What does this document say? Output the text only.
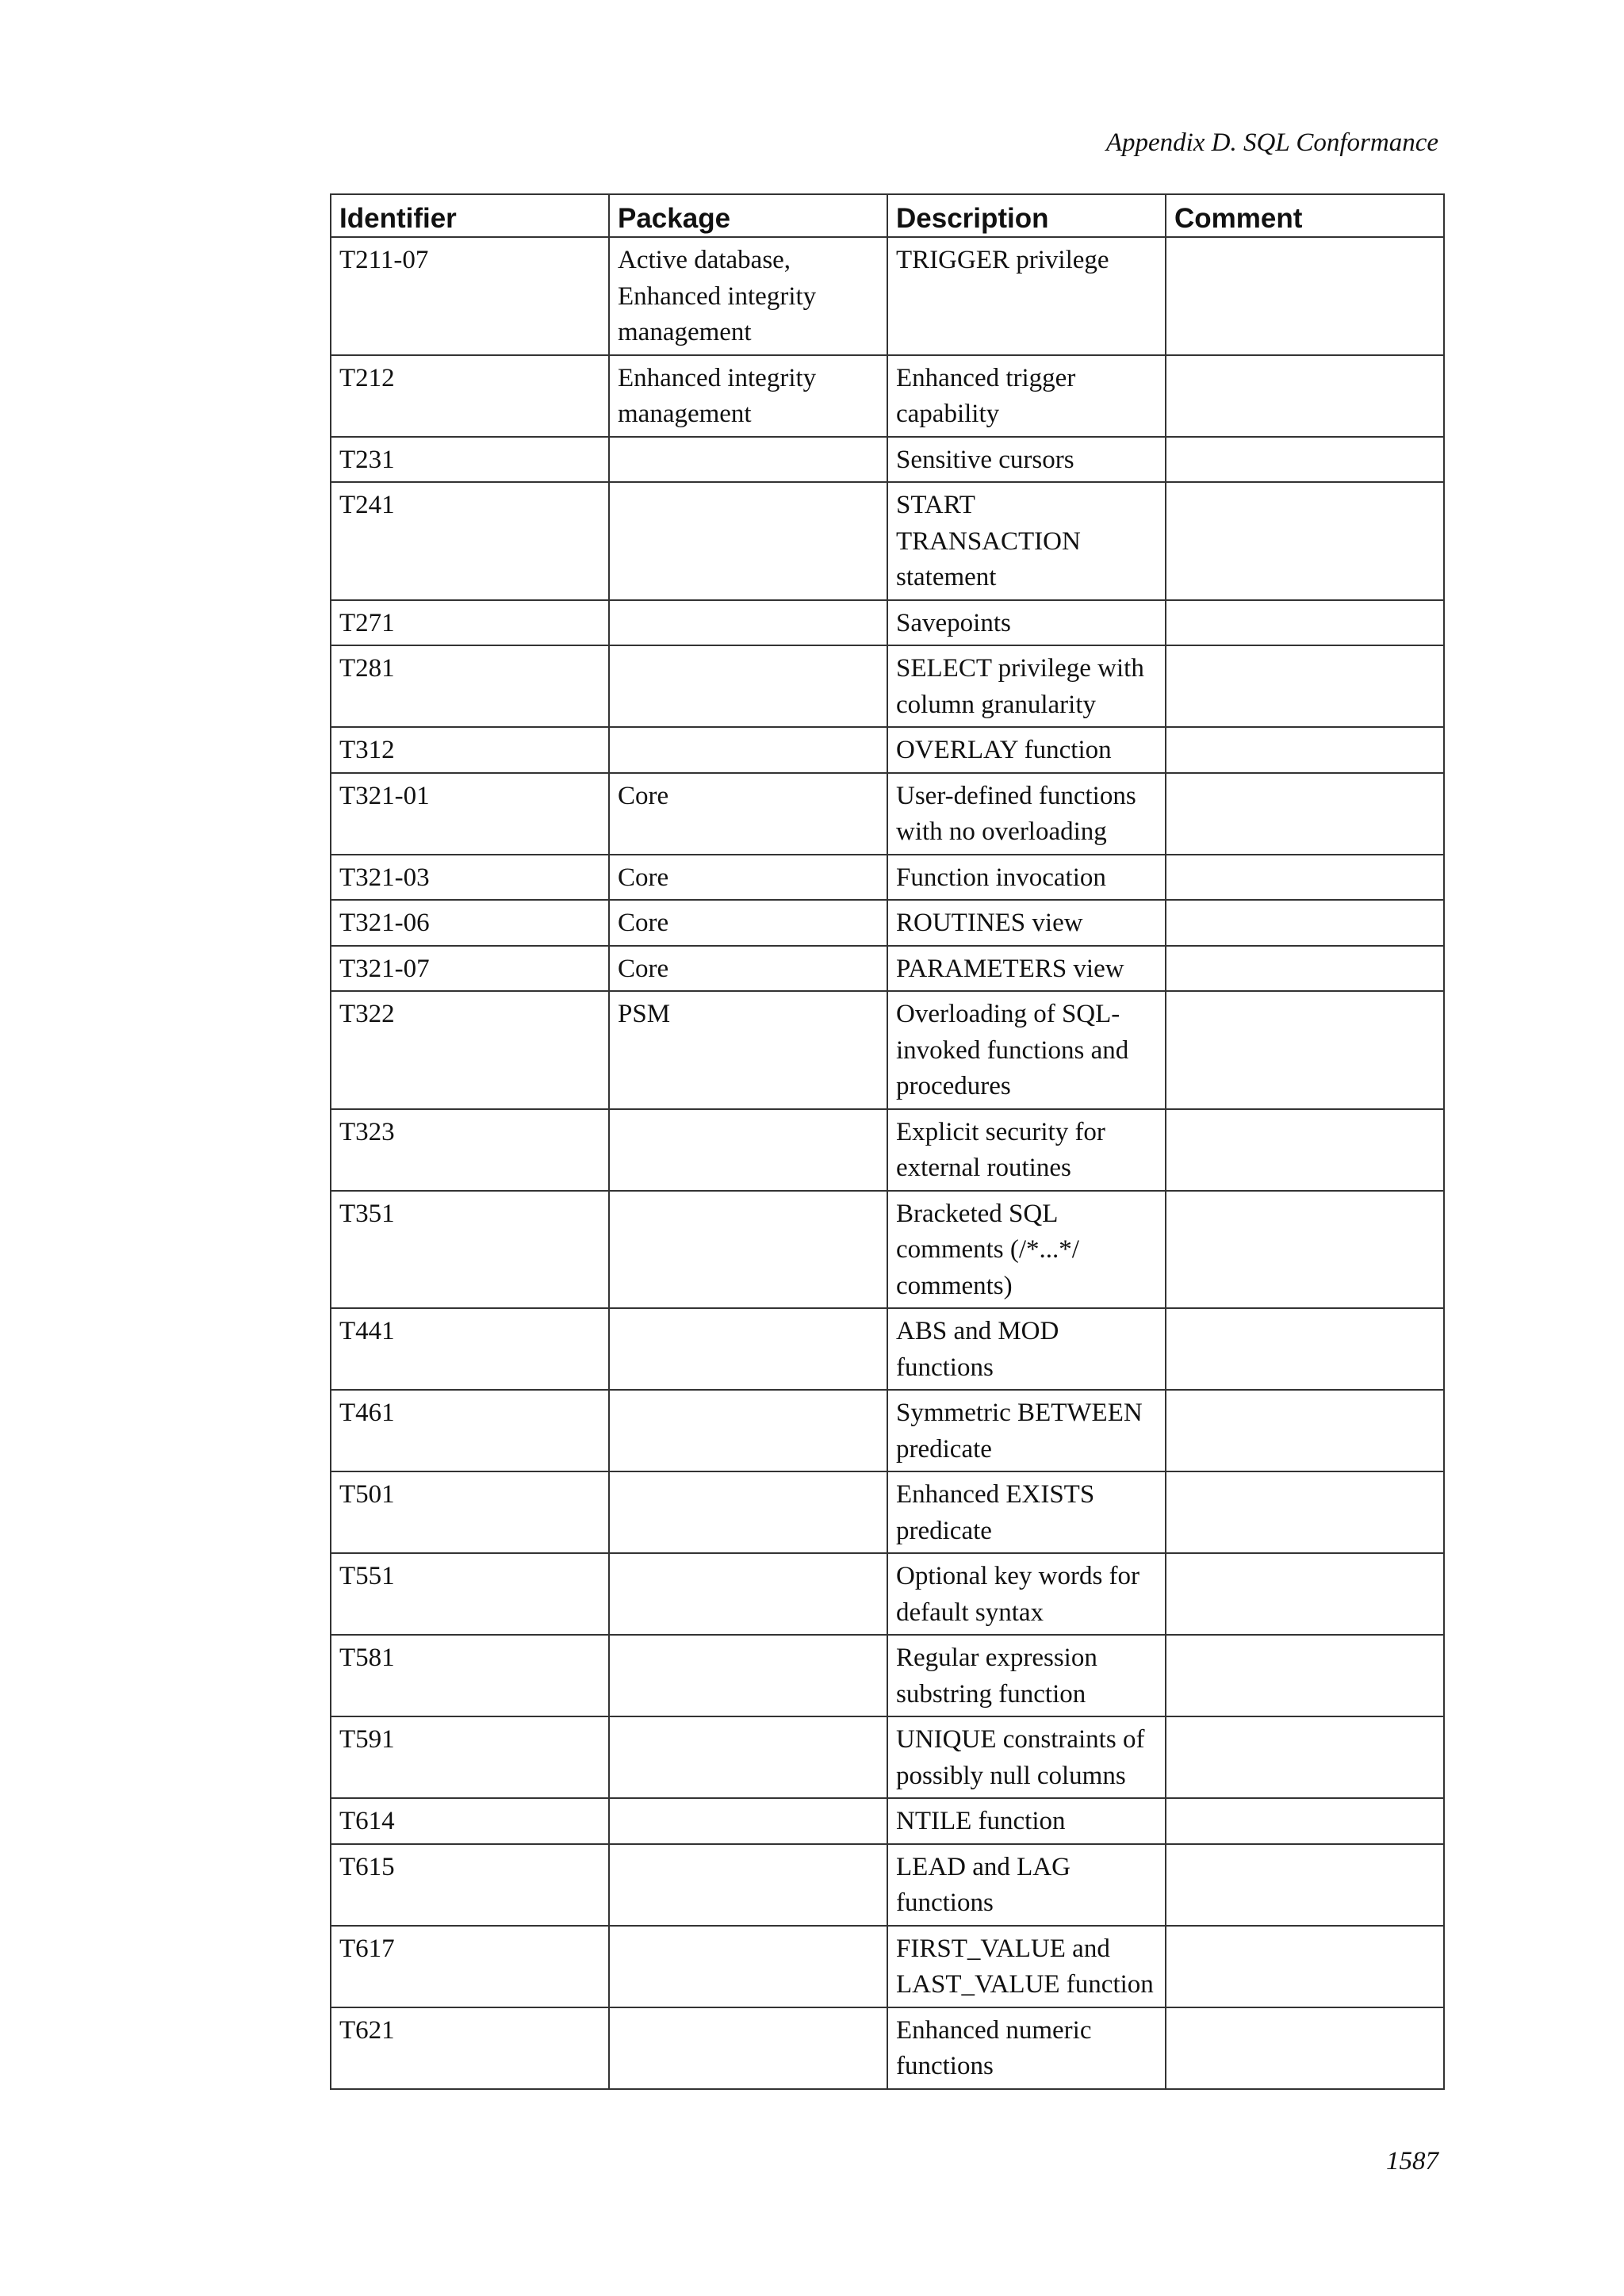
Appendix D. SQL Conformance
Identifier	Package	Description	Comment
T211-07	Active database, Enhanced integrity management	TRIGGER privilege	
T212	Enhanced integrity management	Enhanced trigger capability	
T231		Sensitive cursors	
T241		START TRANSACTION statement	
T271		Savepoints	
T281		SELECT privilege with column granularity	
T312		OVERLAY function	
T321-01	Core	User-defined functions with no overloading	
T321-03	Core	Function invocation	
T321-06	Core	ROUTINES view	
T321-07	Core	PARAMETERS view	
T322	PSM	Overloading of SQL-invoked functions and procedures	
T323		Explicit security for external routines	
T351		Bracketed SQL comments (/*...*/ comments)	
T441		ABS and MOD functions	
T461		Symmetric BETWEEN predicate	
T501		Enhanced EXISTS predicate	
T551		Optional key words for default syntax	
T581		Regular expression substring function	
T591		UNIQUE constraints of possibly null columns	
T614		NTILE function	
T615		LEAD and LAG functions	
T617		FIRST_VALUE and LAST_VALUE function	
T621		Enhanced numeric functions	
1587
